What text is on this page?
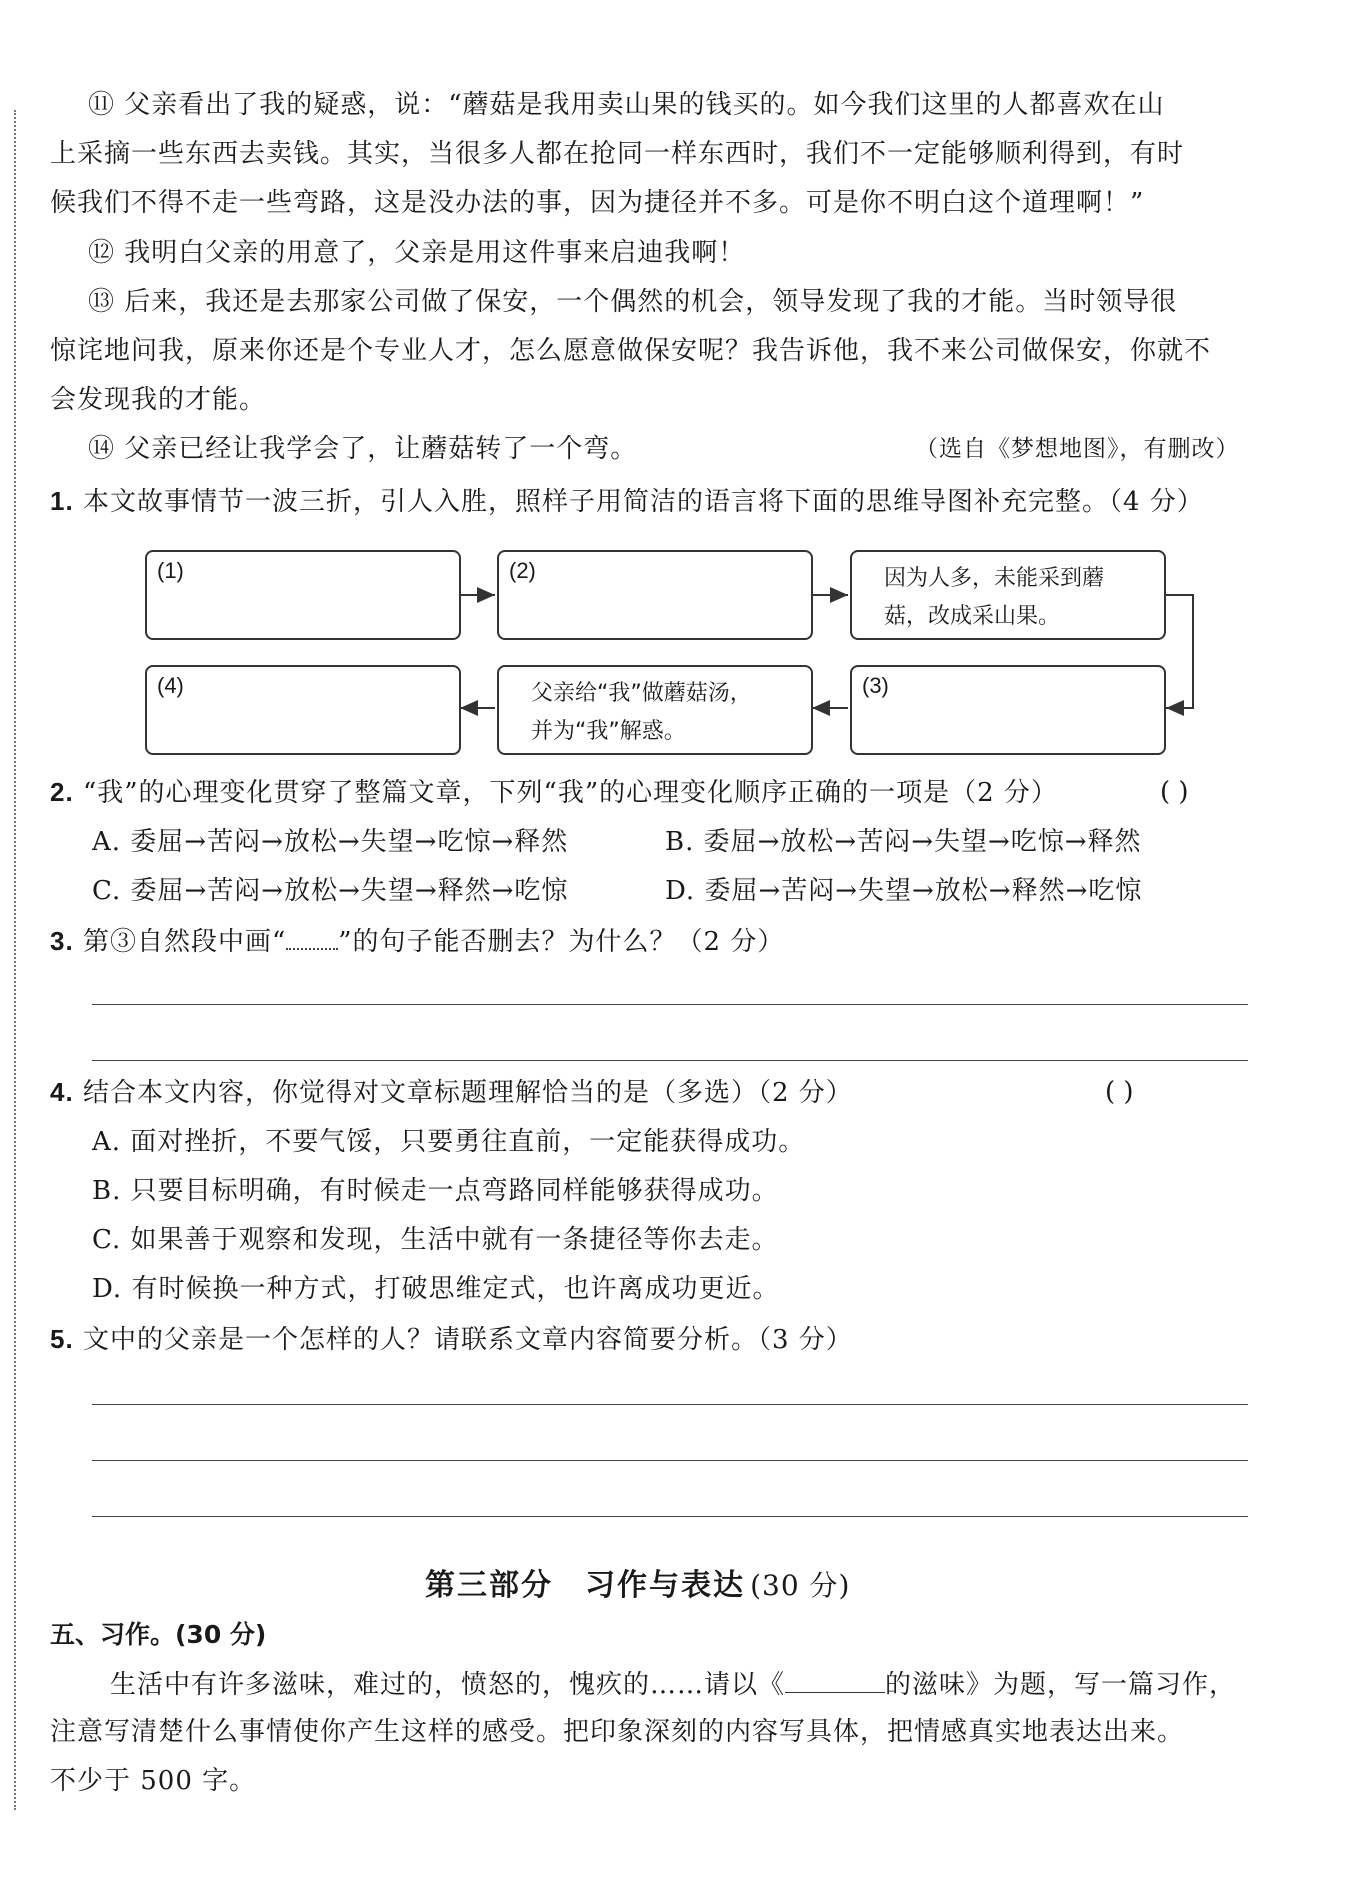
⑪ 父亲看出了我的疑惑，说：“蘑菇是我用卖山果的钱买的。如今我们这里的人都喜欢在山
上采摘一些东西去卖钱。其实，当很多人都在抢同一样东西时，我们不一定能够顺利得到，有时
候我们不得不走一些弯路，这是没办法的事，因为捷径并不多。可是你不明白这个道理啊！”
⑫ 我明白父亲的用意了，父亲是用这件事来启迪我啊！
⑬ 后来，我还是去那家公司做了保安，一个偶然的机会，领导发现了我的才能。当时领导很
惊诧地问我，原来你还是个专业人才，怎么愿意做保安呢？我告诉他，我不来公司做保安，你就不
会发现我的才能。
⑭ 父亲已经让我学会了，让蘑菇转了一个弯。	（选自《梦想地图》，有删改）
1. 本文故事情节一波三折，引人入胜，照样子用简洁的语言将下面的思维导图补充完整。（4 分）
(1)	(2)	因为人多，未能采到蘑
菇，改成采山果。
(4)	父亲给“我”做蘑菇汤，
并为“我”解惑。
(3)
2. “我”的心理变化贯穿了整篇文章，下列“我”的心理变化顺序正确的一项是（2 分）	( )
A. 委屈→苦闷→放松→失望→吃惊→释然	B. 委屈→放松→苦闷→失望→吃惊→释然
C. 委屈→苦闷→放松→失望→释然→吃惊	D. 委屈→苦闷→失望→放松→释然→吃惊
3. 第③自然段中画“ ”的句子能否删去？为什么？（2 分）
4. 结合本文内容，你觉得对文章标题理解恰当的是（多选）（2 分）	( )
A. 面对挫折，不要气馁，只要勇往直前，一定能获得成功。
B. 只要目标明确，有时候走一点弯路同样能够获得成功。
C. 如果善于观察和发现，生活中就有一条捷径等你去走。
D. 有时候换一种方式，打破思维定式，也许离成功更近。
5. 文中的父亲是一个怎样的人？请联系文章内容简要分析。（3 分）
第三部分　习作与表达 (30 分)
五、习作。(30 分)
生活中有许多滋味，难过的，愤怒的，愧疚的……请以《	的滋味》为题，写一篇习作，
注意写清楚什么事情使你产生这样的感受。把印象深刻的内容写具体，把情感真实地表达出来。
不少于 500 字。
